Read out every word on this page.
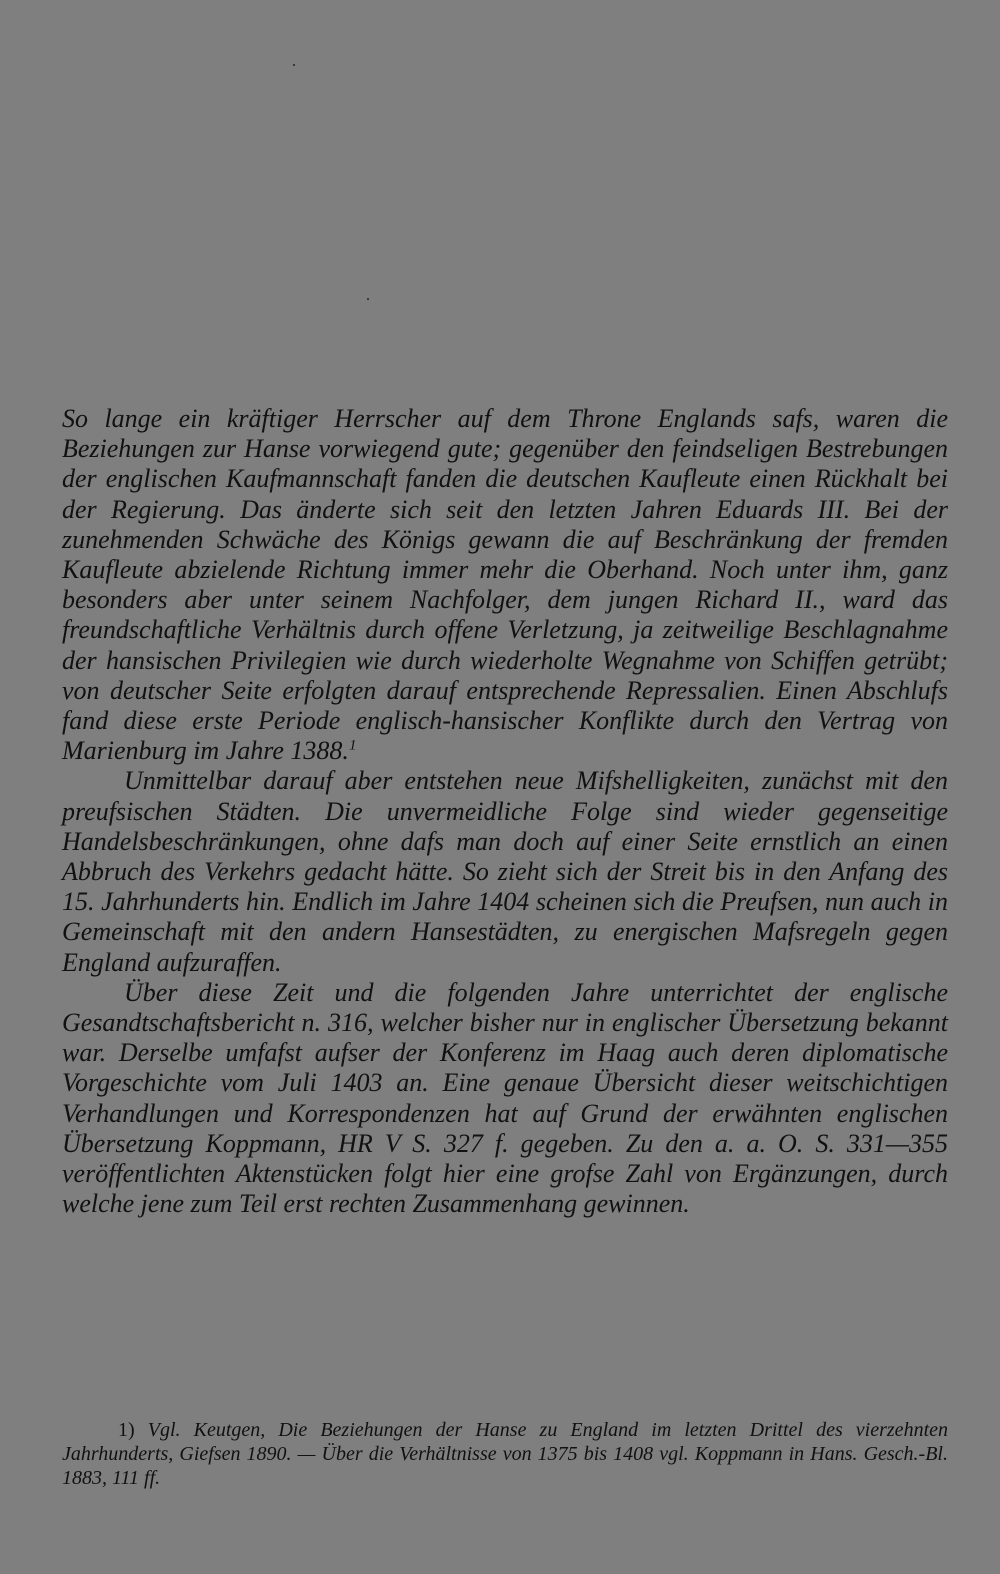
So lange ein kräftiger Herrscher auf dem Throne Englands safs, waren die Beziehungen zur Hanse vorwiegend gute; gegenüber den feindseligen Bestrebungen der englischen Kaufmannschaft fanden die deutschen Kaufleute einen Rückhalt bei der Regierung. Das änderte sich seit den letzten Jahren Eduards III. Bei der zunehmenden Schwäche des Königs gewann die auf Beschränkung der fremden Kaufleute abzielende Richtung immer mehr die Oberhand. Noch unter ihm, ganz besonders aber unter seinem Nachfolger, dem jungen Richard II., ward das freundschaftliche Verhältnis durch offene Verletzung, ja zeitweilige Beschlagnahme der hansischen Privilegien wie durch wiederholte Wegnahme von Schiffen getrübt; von deutscher Seite erfolgten darauf entsprechende Repressalien. Einen Abschlufs fand diese erste Periode englisch-hansischer Konflikte durch den Vertrag von Marienburg im Jahre 1388.$^1$

Unmittelbar darauf aber entstehen neue Mifshelligkeiten, zunächst mit den preufsischen Städten. Die unvermeidliche Folge sind wieder gegenseitige Handelsbeschränkungen, ohne dafs man doch auf einer Seite ernstlich an einen Abbruch des Verkehrs gedacht hätte. So zieht sich der Streit bis in den Anfang des 15. Jahrhunderts hin. Endlich im Jahre 1404 scheinen sich die Preufsen, nun auch in Gemeinschaft mit den andern Hansestädten, zu energischen Mafsregeln gegen England aufzuraffen.

Über diese Zeit und die folgenden Jahre unterrichtet der englische Gesandtschaftsbericht n. 316, welcher bisher nur in englischer Übersetzung bekannt war. Derselbe umfafst aufser der Konferenz im Haag auch deren diplomatische Vorgeschichte vom Juli 1403 an. Eine genaue Übersicht dieser weitschichtigen Verhandlungen und Korrespondenzen hat auf Grund der erwähnten englischen Übersetzung Koppmann, HR V S. 327 f. gegeben. Zu den a. a. O. S. 331—355 veröffentlichten Aktenstücken folgt hier eine grofse Zahl von Ergänzungen, durch welche jene zum Teil erst rechten Zusammenhang gewinnen.

1) Vgl. Keutgen, Die Beziehungen der Hanse zu England im letzten Drittel des vierzehnten Jahrhunderts, Giefsen 1890. — Über die Verhältnisse von 1375 bis 1408 vgl. Koppmann in Hans. Gesch.-Bl. 1883, 111 ff.
